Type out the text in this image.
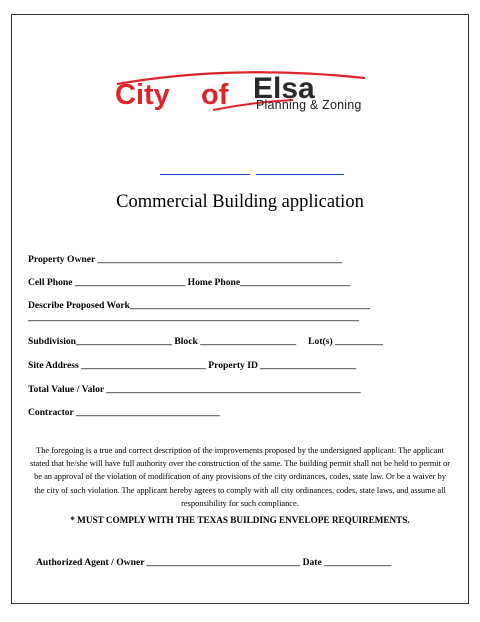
City of Elsa
Planning & Zoning
Commercial Building application
Property Owner ___________________________________________________
Cell Phone _______________________ Home Phone_______________________
Describe Proposed Work__________________________________________________
_____________________________________________________________________
Subdivision____________________ Block ____________________     Lot(s) __________
Site Address __________________________ Property ID ____________________
Total Value / Valor _____________________________________________________
Contractor ______________________________
The foregoing is a true and correct description of the improvements proposed by the undersigned applicant. The applicant stated that he/she will have full authority over the construction of the same. The building permit shall not be held to permit or be an approval of the violation of modification of any provisions of the city ordinances, codes, state law. Or be a waiver by the city of such violation. The applicant hereby agrees to comply with all city ordinances, codes, state laws, and assume all responsibility for such compliance.
* MUST COMPLY WITH THE TEXAS BUILDING ENVELOPE REQUIREMENTS.
Authorized Agent / Owner ________________________________ Date ______________
